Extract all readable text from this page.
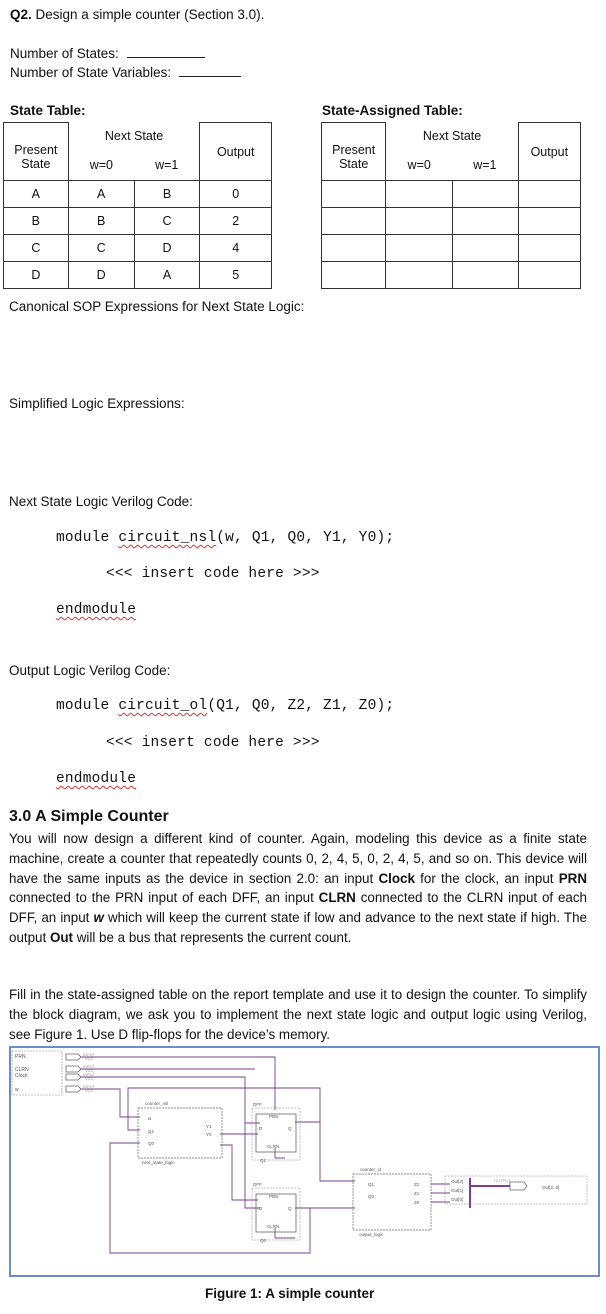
Q2. Design a simple counter (Section 3.0).
Number of States:
Number of State Variables:
State Table:	State-Assigned Table:
Present
State	Next State		Output
	w=0	w=1	
A	A	B	0
B	B	C	2
C	C	D	4
D	D	A	5
Present
State	Next State		Output
	w=0	w=1	

Canonical SOP Expressions for Next State Logic:
Simplified Logic Expressions:
Next State Logic Verilog Code:
module circuit_nsl(w, Q1, Q0, Y1, Y0);
<<< insert code here >>>
endmodule
Output Logic Verilog Code:
module circuit_ol(Q1, Q0, Z2, Z1, Z0);
<<< insert code here >>>
endmodule
3.0 A Simple Counter
You will now design a different kind of counter. Again, modeling this device as a finite state machine, create a counter that repeatedly counts 0, 2, 4, 5, 0, 2, 4, 5, and so on. This device will have the same inputs as the device in section 2.0: an input Clock for the clock, an input PRN connected to the PRN input of each DFF, an input CLRN connected to the CLRN input of each DFF, an input w which will keep the current state if low and advance to the next state if high. The output Out will be a bus that represents the current count.
Fill in the state-assigned table on the report template and use it to design the counter. To simplify the block diagram, we ask you to implement the next state logic and output logic using Verilog, see Figure 1. Use D flip-flops for the device’s memory.
PRN
CLRN
Clock
w
INPUT
VCC
INPUT
VCC
INPUT
VCC
INPUT
VCC
counter_nsl
w
Q1
Q0
Y1
Y0
next_state_logic
DFF
PRN
D	Q
CLRN
Q1
DFF
PRN
D	Q
CLRN
Q0
counter_ol
Q1
Q0
Z2
Z1
Z0
output_logic
Out[2]
Out[1]
Out[0]
OUTPUT
Out[2..0]
Figure 1: A simple counter
